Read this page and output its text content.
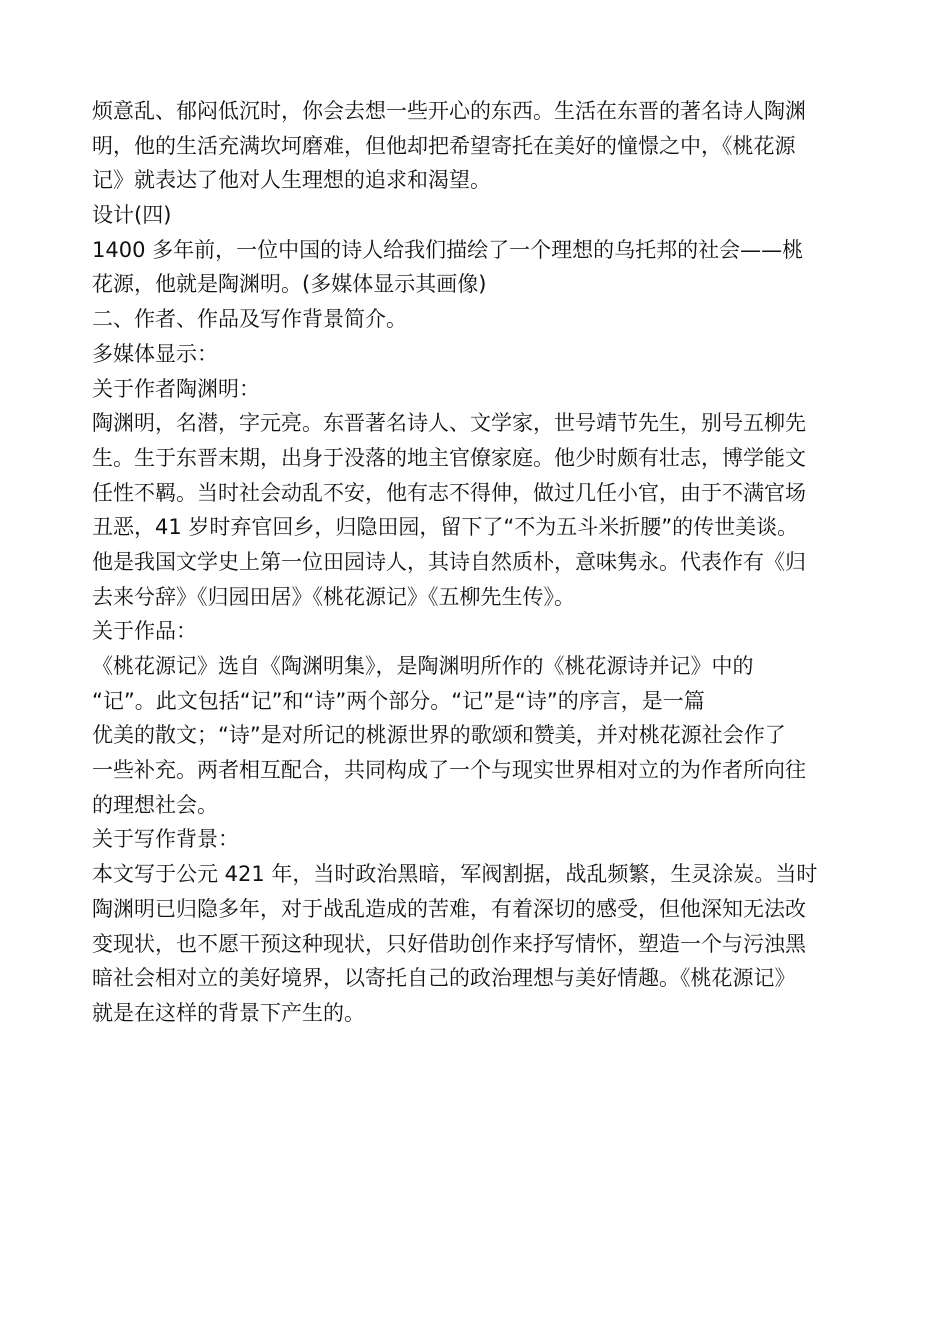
烦意乱、郁闷低沉时，你会去想一些开心的东西。生活在东晋的著名诗人陶渊
明，他的生活充满坎坷磨难，但他却把希望寄托在美好的憧憬之中，《桃花源
记》就表达了他对人生理想的追求和渴望。
设计(四)
1400 多年前，一位中国的诗人给我们描绘了一个理想的乌托邦的社会——桃
花源，他就是陶渊明。(多媒体显示其画像)
二、作者、作品及写作背景简介。
多媒体显示：
关于作者陶渊明：
陶渊明，名潜，字元亮。东晋著名诗人、文学家，世号靖节先生，别号五柳先
生。生于东晋末期，出身于没落的地主官僚家庭。他少时颇有壮志，博学能文
任性不羁。当时社会动乱不安，他有志不得伸，做过几任小官，由于不满官场
丑恶，41 岁时弃官回乡，归隐田园，留下了“不为五斗米折腰”的传世美谈。
他是我国文学史上第一位田园诗人，其诗自然质朴，意味隽永。代表作有《归
去来兮辞》《归园田居》《桃花源记》《五柳先生传》。
关于作品：
《桃花源记》选自《陶渊明集》，是陶渊明所作的《桃花源诗并记》中的
“记”。此文包括“记”和“诗”两个部分。“记”是“诗”的序言，是一篇
优美的散文；“诗”是对所记的桃源世界的歌颂和赞美，并对桃花源社会作了
一些补充。两者相互配合，共同构成了一个与现实世界相对立的为作者所向往
的理想社会。
关于写作背景：
本文写于公元 421 年，当时政治黑暗，军阀割据，战乱频繁，生灵涂炭。当时
陶渊明已归隐多年，对于战乱造成的苦难，有着深切的感受，但他深知无法改
变现状，也不愿干预这种现状，只好借助创作来抒写情怀，塑造一个与污浊黑
暗社会相对立的美好境界，以寄托自己的政治理想与美好情趣。《桃花源记》
就是在这样的背景下产生的。
